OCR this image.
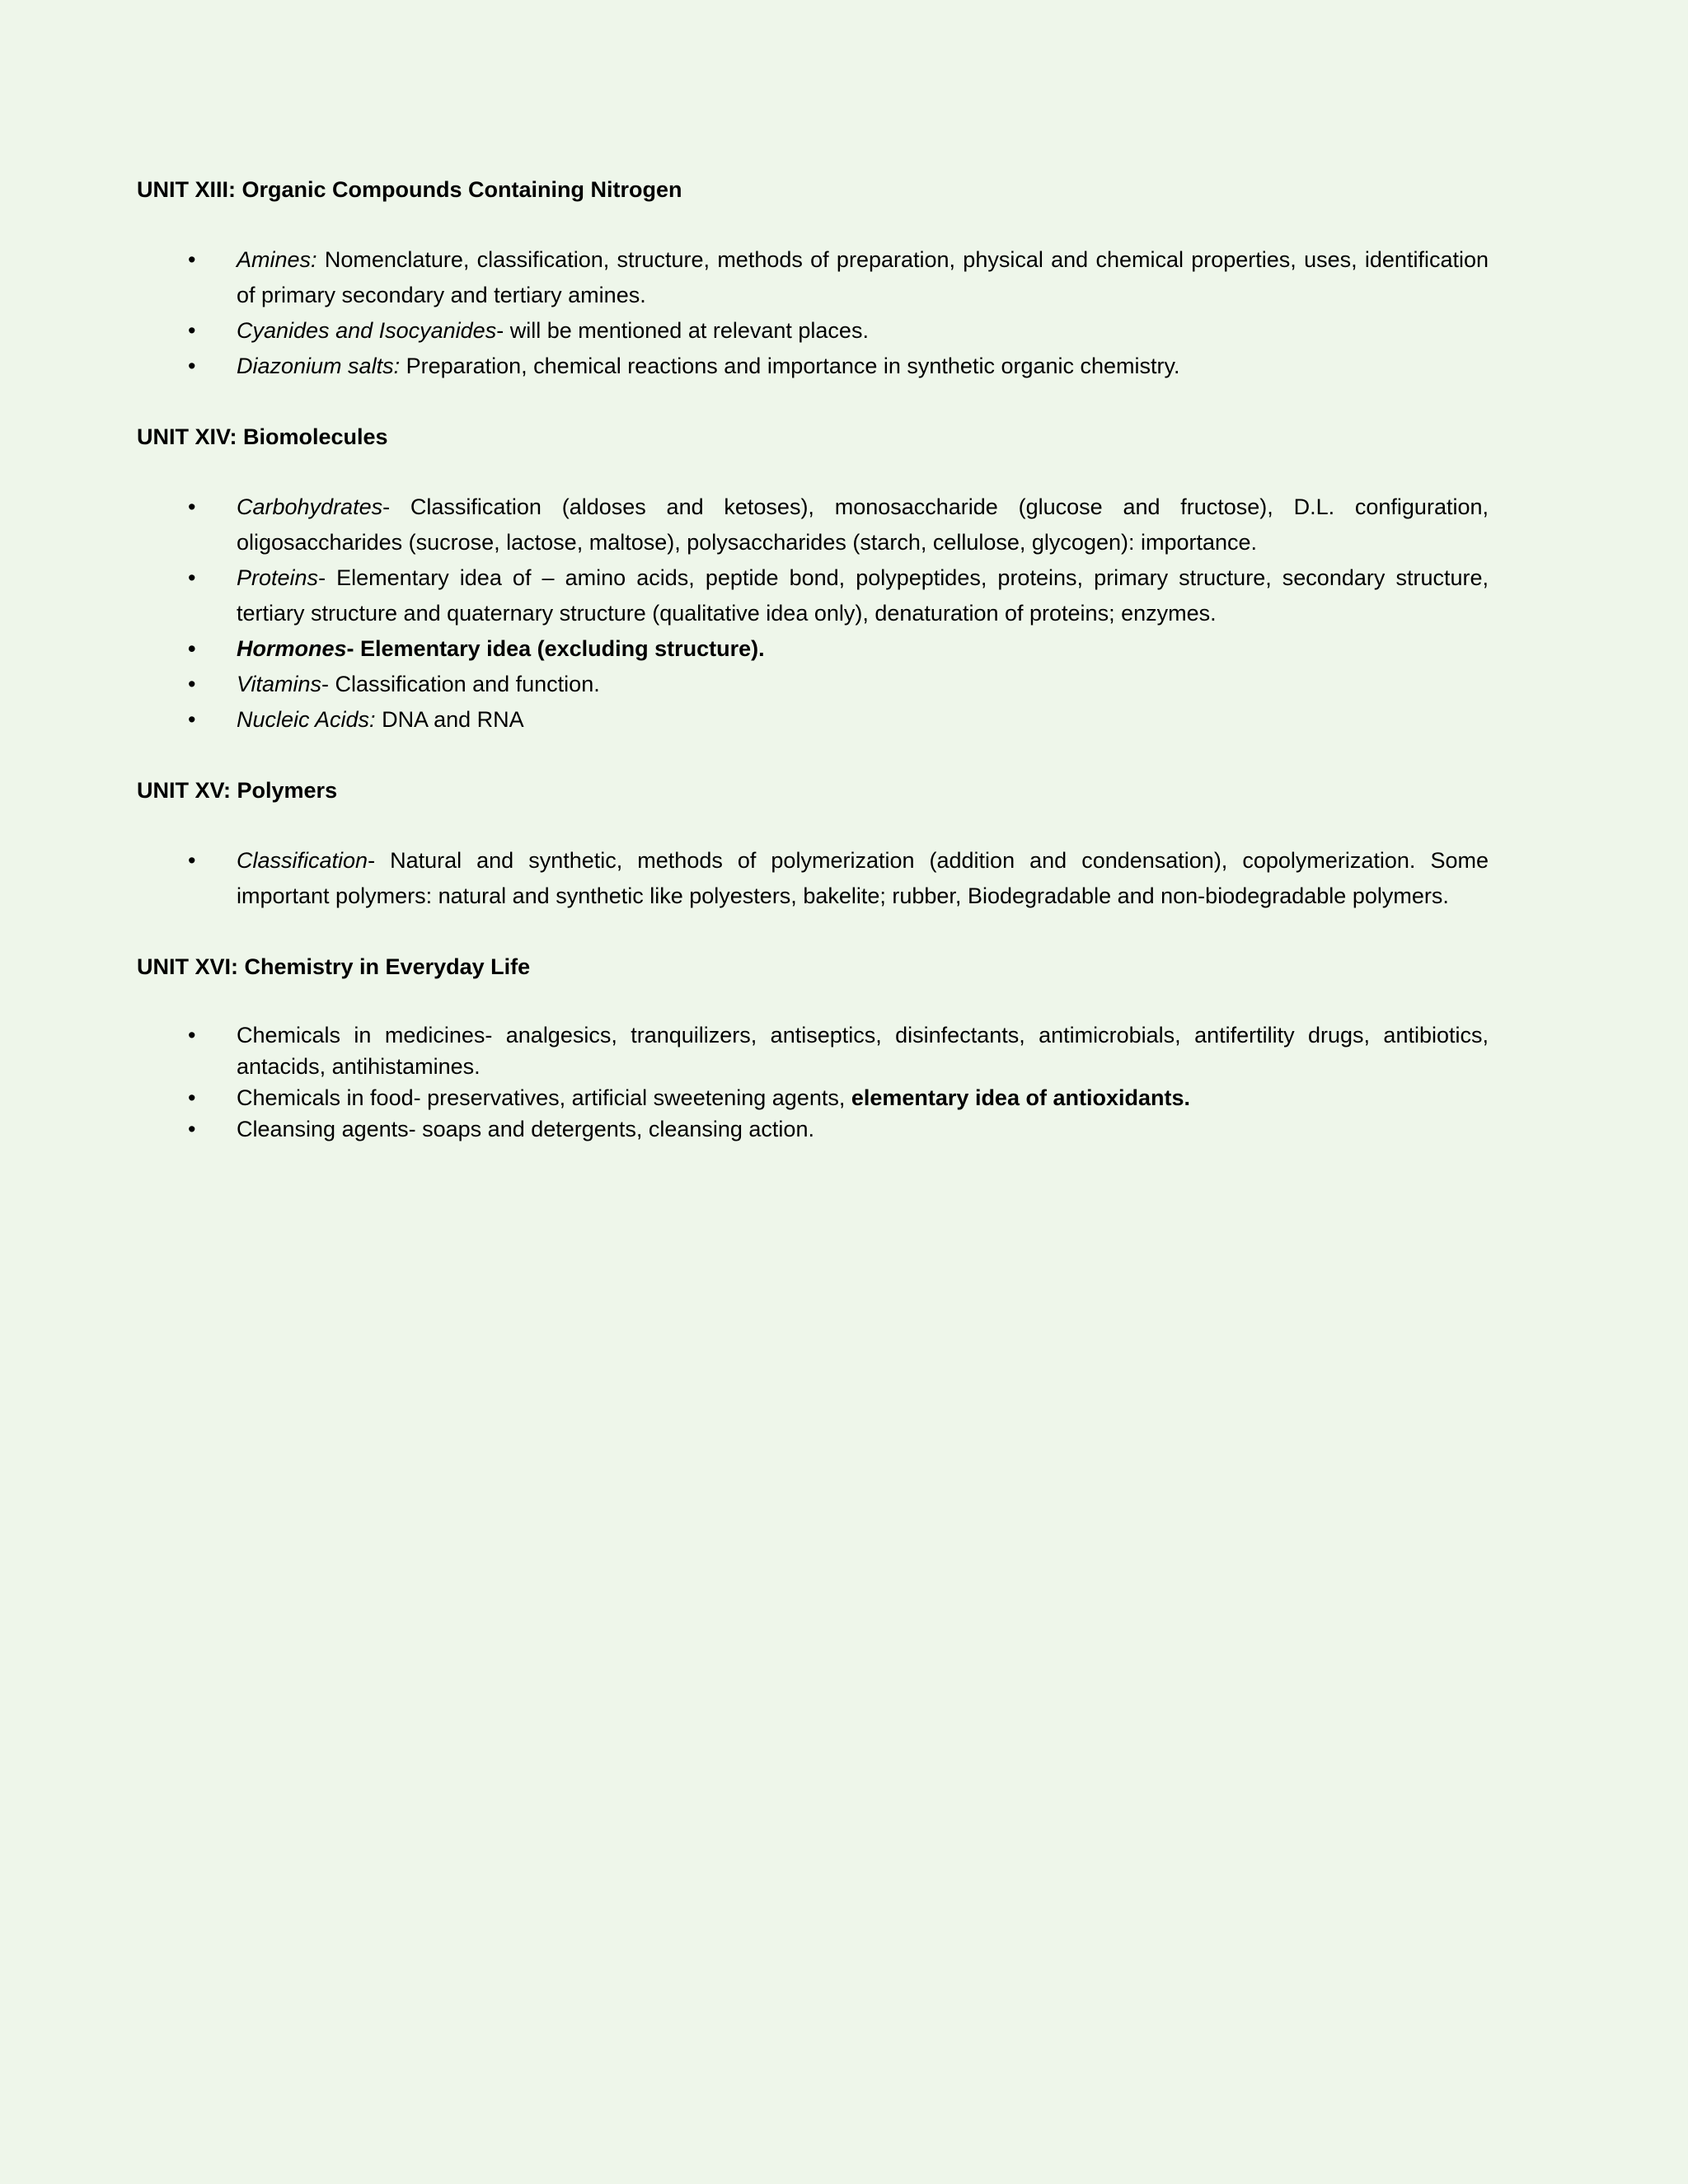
UNIT XIII: Organic Compounds Containing Nitrogen
• Amines: Nomenclature, classification, structure, methods of preparation, physical and chemical properties, uses, identification of primary secondary and tertiary amines.
• Cyanides and Isocyanides- will be mentioned at relevant places.
• Diazonium salts: Preparation, chemical reactions and importance in synthetic organic chemistry.
UNIT XIV: Biomolecules
• Carbohydrates- Classification (aldoses and ketoses), monosaccharide (glucose and fructose), D.L. configuration, oligosaccharides (sucrose, lactose, maltose), polysaccharides (starch, cellulose, glycogen): importance.
• Proteins- Elementary idea of – amino acids, peptide bond, polypeptides, proteins, primary structure, secondary structure, tertiary structure and quaternary structure (qualitative idea only), denaturation of proteins; enzymes.
• Hormones- Elementary idea (excluding structure).
• Vitamins- Classification and function.
• Nucleic Acids: DNA and RNA
UNIT XV: Polymers
• Classification- Natural and synthetic, methods of polymerization (addition and condensation), copolymerization. Some important polymers: natural and synthetic like polyesters, bakelite; rubber, Biodegradable and non-biodegradable polymers.
UNIT XVI: Chemistry in Everyday Life
• Chemicals in medicines- analgesics, tranquilizers, antiseptics, disinfectants, antimicrobials, antifertility drugs, antibiotics, antacids, antihistamines.
• Chemicals in food- preservatives, artificial sweetening agents, elementary idea of antioxidants.
• Cleansing agents- soaps and detergents, cleansing action.
